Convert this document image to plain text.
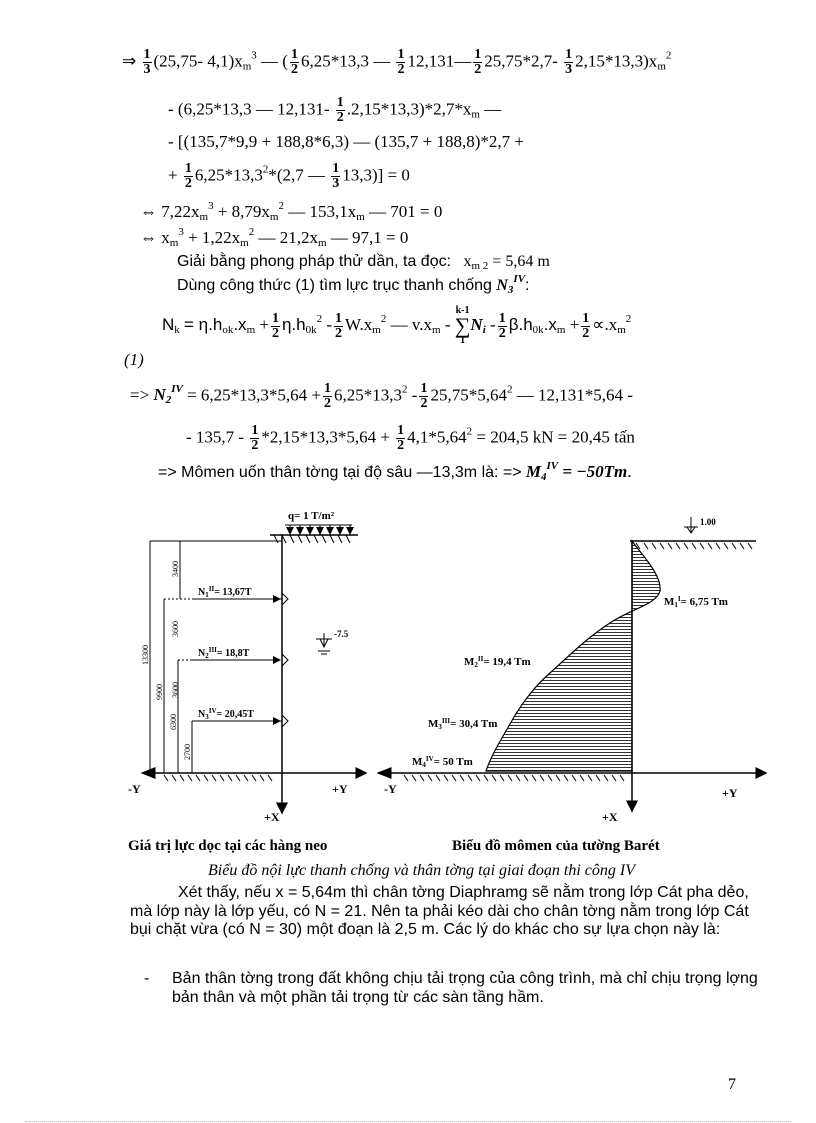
⇒ $\frac{1}{3} (25,75-$ $4,1)x_m^3$ — ( $\frac{1}{2} 6,25*13,3$ — $\frac{1}{2}$ 12,131— $\frac{1}{2} 25,75*2,7- \frac{1}{3} 2,15*13,3)x_m^2$
- (6,25*13,3 — $12,131- \frac{1}{2} .2,15*13,3)*2,7*x_m$ —
- [(135,7*9,9 + 188,8*6,3) — (135,7 + 188,8)*2,7 +
+ $\frac{1}{2} 6,25*13,3^2*(2,7$ — $\frac{1}{3} 13,3)] = 0$
⇔ $7,22x_m^3 + 8,79x_m^2$ — $153,1x_m$ — 701 = 0
⇔ $x_m^3 + 1,22x_m^2$ — $21,2x_m$ — 97,1 = 0
Giải bằng phong pháp thử dần, ta đọc: $x_{m 2} = 5,64$ m
Dùng công thức (1) tìm lực trục thanh chống $N_3^{IV}$:
$N_k = \eta.h_{ok}.x_m + \frac{1}{2} \eta.h_{0k}^2 - \frac{1}{2} W.x_m^2$ — $v.x_m - k-1$
∑
$1N_i - \frac{1}{2} \beta.h_{0k}.x_m + \frac{1}{2} \propto.x_m^2$
(1)
=> $N_2^{IV} = 6,25*13,3*5,64 + \frac{1}{2} 6,25*13,3^2 - \frac{1}{2} 25,75*5,64^2$ — 12,131*5,64 -
- $135,7 - \frac{1}{2} *2,15*13,3*5,64 + \frac{1}{2} 4,1*5,64^2 = 204,5$ kN = 20,45 tấn
=> Mômen uốn thân tờng tại độ sâu —13,3m là: => $M_4^{IV} = -50Tm$.
q= 1 T/m²
13300
9900
6300
2700
3400
3600
3600
$N_1^{II}= 13,67T$
$N_2^{III}= 18,8T$
$N_3^{IV}= 20,45T$
-7.5
-Y	+Y
+X
1.00
$M1^I= 6,75$ Tm
$M2^{II}= 19,4$ Tm
$M3^{III}= 30,4$ Tm
$M4^{IV}= 50$ Tm
-Y	+Y
+X
Giá trị lực dọc tại các hàng neo	Biểu đồ mômen của tường Barét
Biểu đồ nội lực thanh chống và thân tờng tại giai đoạn thi công IV
Xét thấy, nếu x = 5,64m thì chân tờng Diaphramg sẽ nằm trong lớp Cát pha dẻo, mà lớp này là lớp yếu, có N = 21. Nên ta phải kéo dài cho chân tờng nằm trong lớp Cát bụi chặt vừa (có N = 30) một đoạn là 2,5 m. Các lý do khác cho sự lựa chọn này là:
- Bản thân tờng trong đất không chịu tải trọng của công trình, mà chỉ chịu trọng lợng bản thân và một phần tải trọng từ các sàn tầng hầm.
7
